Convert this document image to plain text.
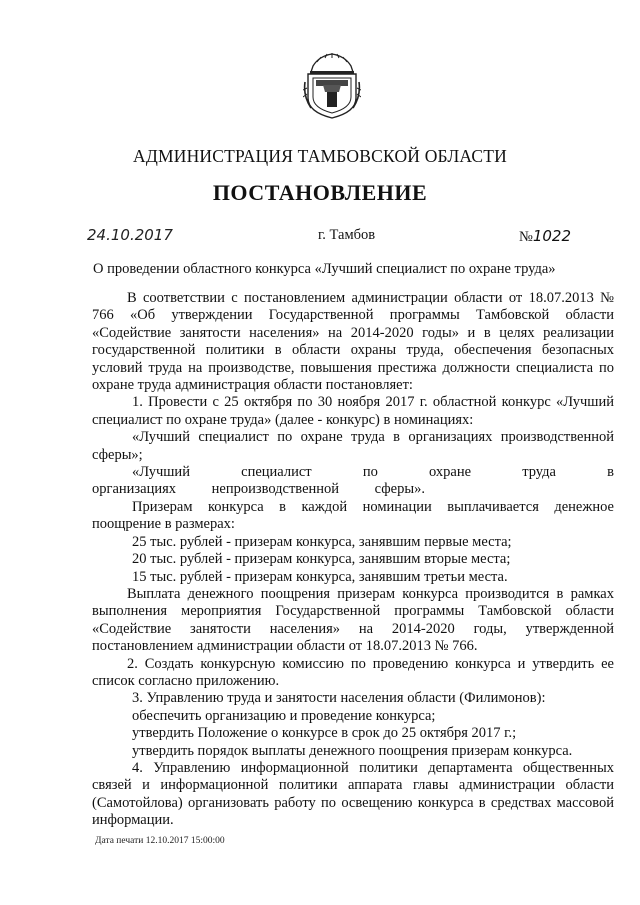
АДМИНИСТРАЦИЯ ТАМБОВСКОЙ ОБЛАСТИ
ПОСТАНОВЛЕНИЕ
24.10.2017	г. Тамбов	№1022
О проведении областного конкурса «Лучший специалист по охране труда»

В соответствии с постановлением администрации области от 18.07.2013 № 766 «Об утверждении Государственной программы Тамбовской области «Содействие занятости населения» на 2014-2020 годы» и в целях реализации государственной политики в области охраны труда, обеспечения безопасных условий труда на производстве, повышения престижа должности специалиста по охране труда администрация области постановляет:

1. Провести с 25 октября по 30 ноября 2017 г. областной конкурс «Лучший специалист по охране труда» (далее - конкурс) в номинациях:

«Лучший специалист по охране труда в организациях производственной сферы»;

«Лучший специалист по охране труда в организациях непроизводственной сферы».

Призерам конкурса в каждой номинации выплачивается денежное поощрение в размерах:

25 тыс. рублей - призерам конкурса, занявшим первые места;

20 тыс. рублей - призерам конкурса, занявшим вторые места;

15 тыс. рублей - призерам конкурса, занявшим третьи места.

Выплата денежного поощрения призерам конкурса производится в рамках выполнения мероприятия Государственной программы Тамбовской области «Содействие занятости населения» на 2014-2020 годы, утвержденной постановлением администрации области от 18.07.2013 № 766.

2. Создать конкурсную комиссию по проведению конкурса и утвердить ее список согласно приложению.

3. Управлению труда и занятости населения области (Филимонов):

обеспечить организацию и проведение конкурса;

утвердить Положение о конкурсе в срок до 25 октября 2017 г.;

утвердить порядок выплаты денежного поощрения призерам конкурса.

4. Управлению информационной политики департамента общественных связей и информационной политики аппарата главы администрации области (Самотойлова) организовать работу по освещению конкурса в средствах массовой информации.

Дата печати 12.10.2017 15:00:00
